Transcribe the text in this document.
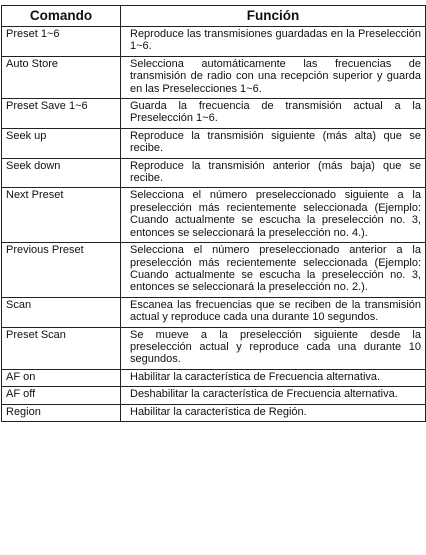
Comando	Función
Preset 1~6	Reproduce las transmisiones guardadas en la Preselección 1~6.
Auto Store	Selecciona automáticamente las frecuencias de transmisión de radio con una recepción superior y guarda en las Preselecciones 1~6.
Preset Save 1~6	Guarda la frecuencia de transmisión actual a la Preselección 1~6.
Seek up	Reproduce la transmisión siguiente (más alta) que se recibe.
Seek down	Reproduce la transmisión anterior (más baja) que se recibe.
Next Preset	Selecciona el número preseleccionado siguiente a la preselección más recientemente seleccionada (Ejemplo: Cuando actualmente se escucha la preselección no. 3, entonces se seleccionará la preselección no. 4.).
Previous Preset	Selecciona el número preseleccionado anterior a la preselección más recientemente seleccionada (Ejemplo: Cuando actualmente se escucha la preselección no. 3, entonces se seleccionará la preselección no. 2.).
Scan	Escanea las frecuencias que se reciben de la transmisión actual y reproduce cada una durante 10 segundos.
Preset Scan	Se mueve a la preselección siguiente desde la preselección actual y reproduce cada una durante 10 segundos.
AF on	Habilitar la característica de Frecuencia alternativa.
AF off	Deshabilitar la característica de Frecuencia alternativa.
Region	Habilitar la característica de Región.
